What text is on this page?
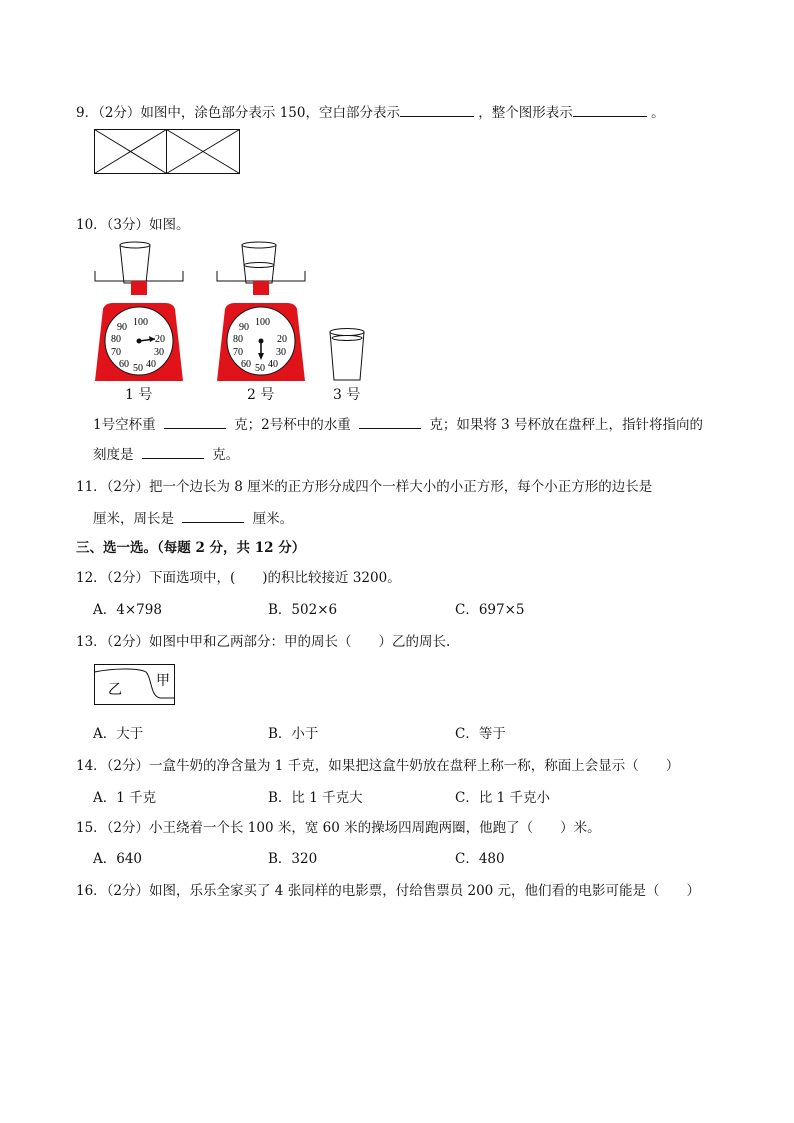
9．（2分）如图中，涂色部分表示 150，空白部分表示	，整个图形表示	。
10．（3分）如图。
100
90
80
70
60 50 40
30
20
1 号
100
90
80
70
60 50 40
30
20
2 号	3 号
1号空杯重	克；2号杯中的水重	克；如果将 3 号杯放在盘秤上，指针将指向的
刻度是	克。
11．（2分）把一个边长为 8 厘米的正方形分成四个一样大小的小正方形，每个小正方形的边长是
厘米，周长是	厘米。
三、选一选。（每题 2 分，共 12 分）
12．（2分）下面选项中，(　　)的积比较接近 3200。
A．4×798	B．502×6	C．697×5
13．（2分）如图中甲和乙两部分：甲的周长（　　）乙的周长.
乙
甲
A．大于	B．小于	C．等于
14．（2分）一盒牛奶的净含量为 1 千克，如果把这盒牛奶放在盘秤上称一称，称面上会显示（　　）
A．1 千克	B．比 1 千克大	C．比 1 千克小
15．（2分）小王绕着一个长 100 米，宽 60 米的操场四周跑两圈，他跑了（　　）米。
A．640	B．320	C．480
16．（2分）如图，乐乐全家买了 4 张同样的电影票，付给售票员 200 元，他们看的电影可能是（　　）
